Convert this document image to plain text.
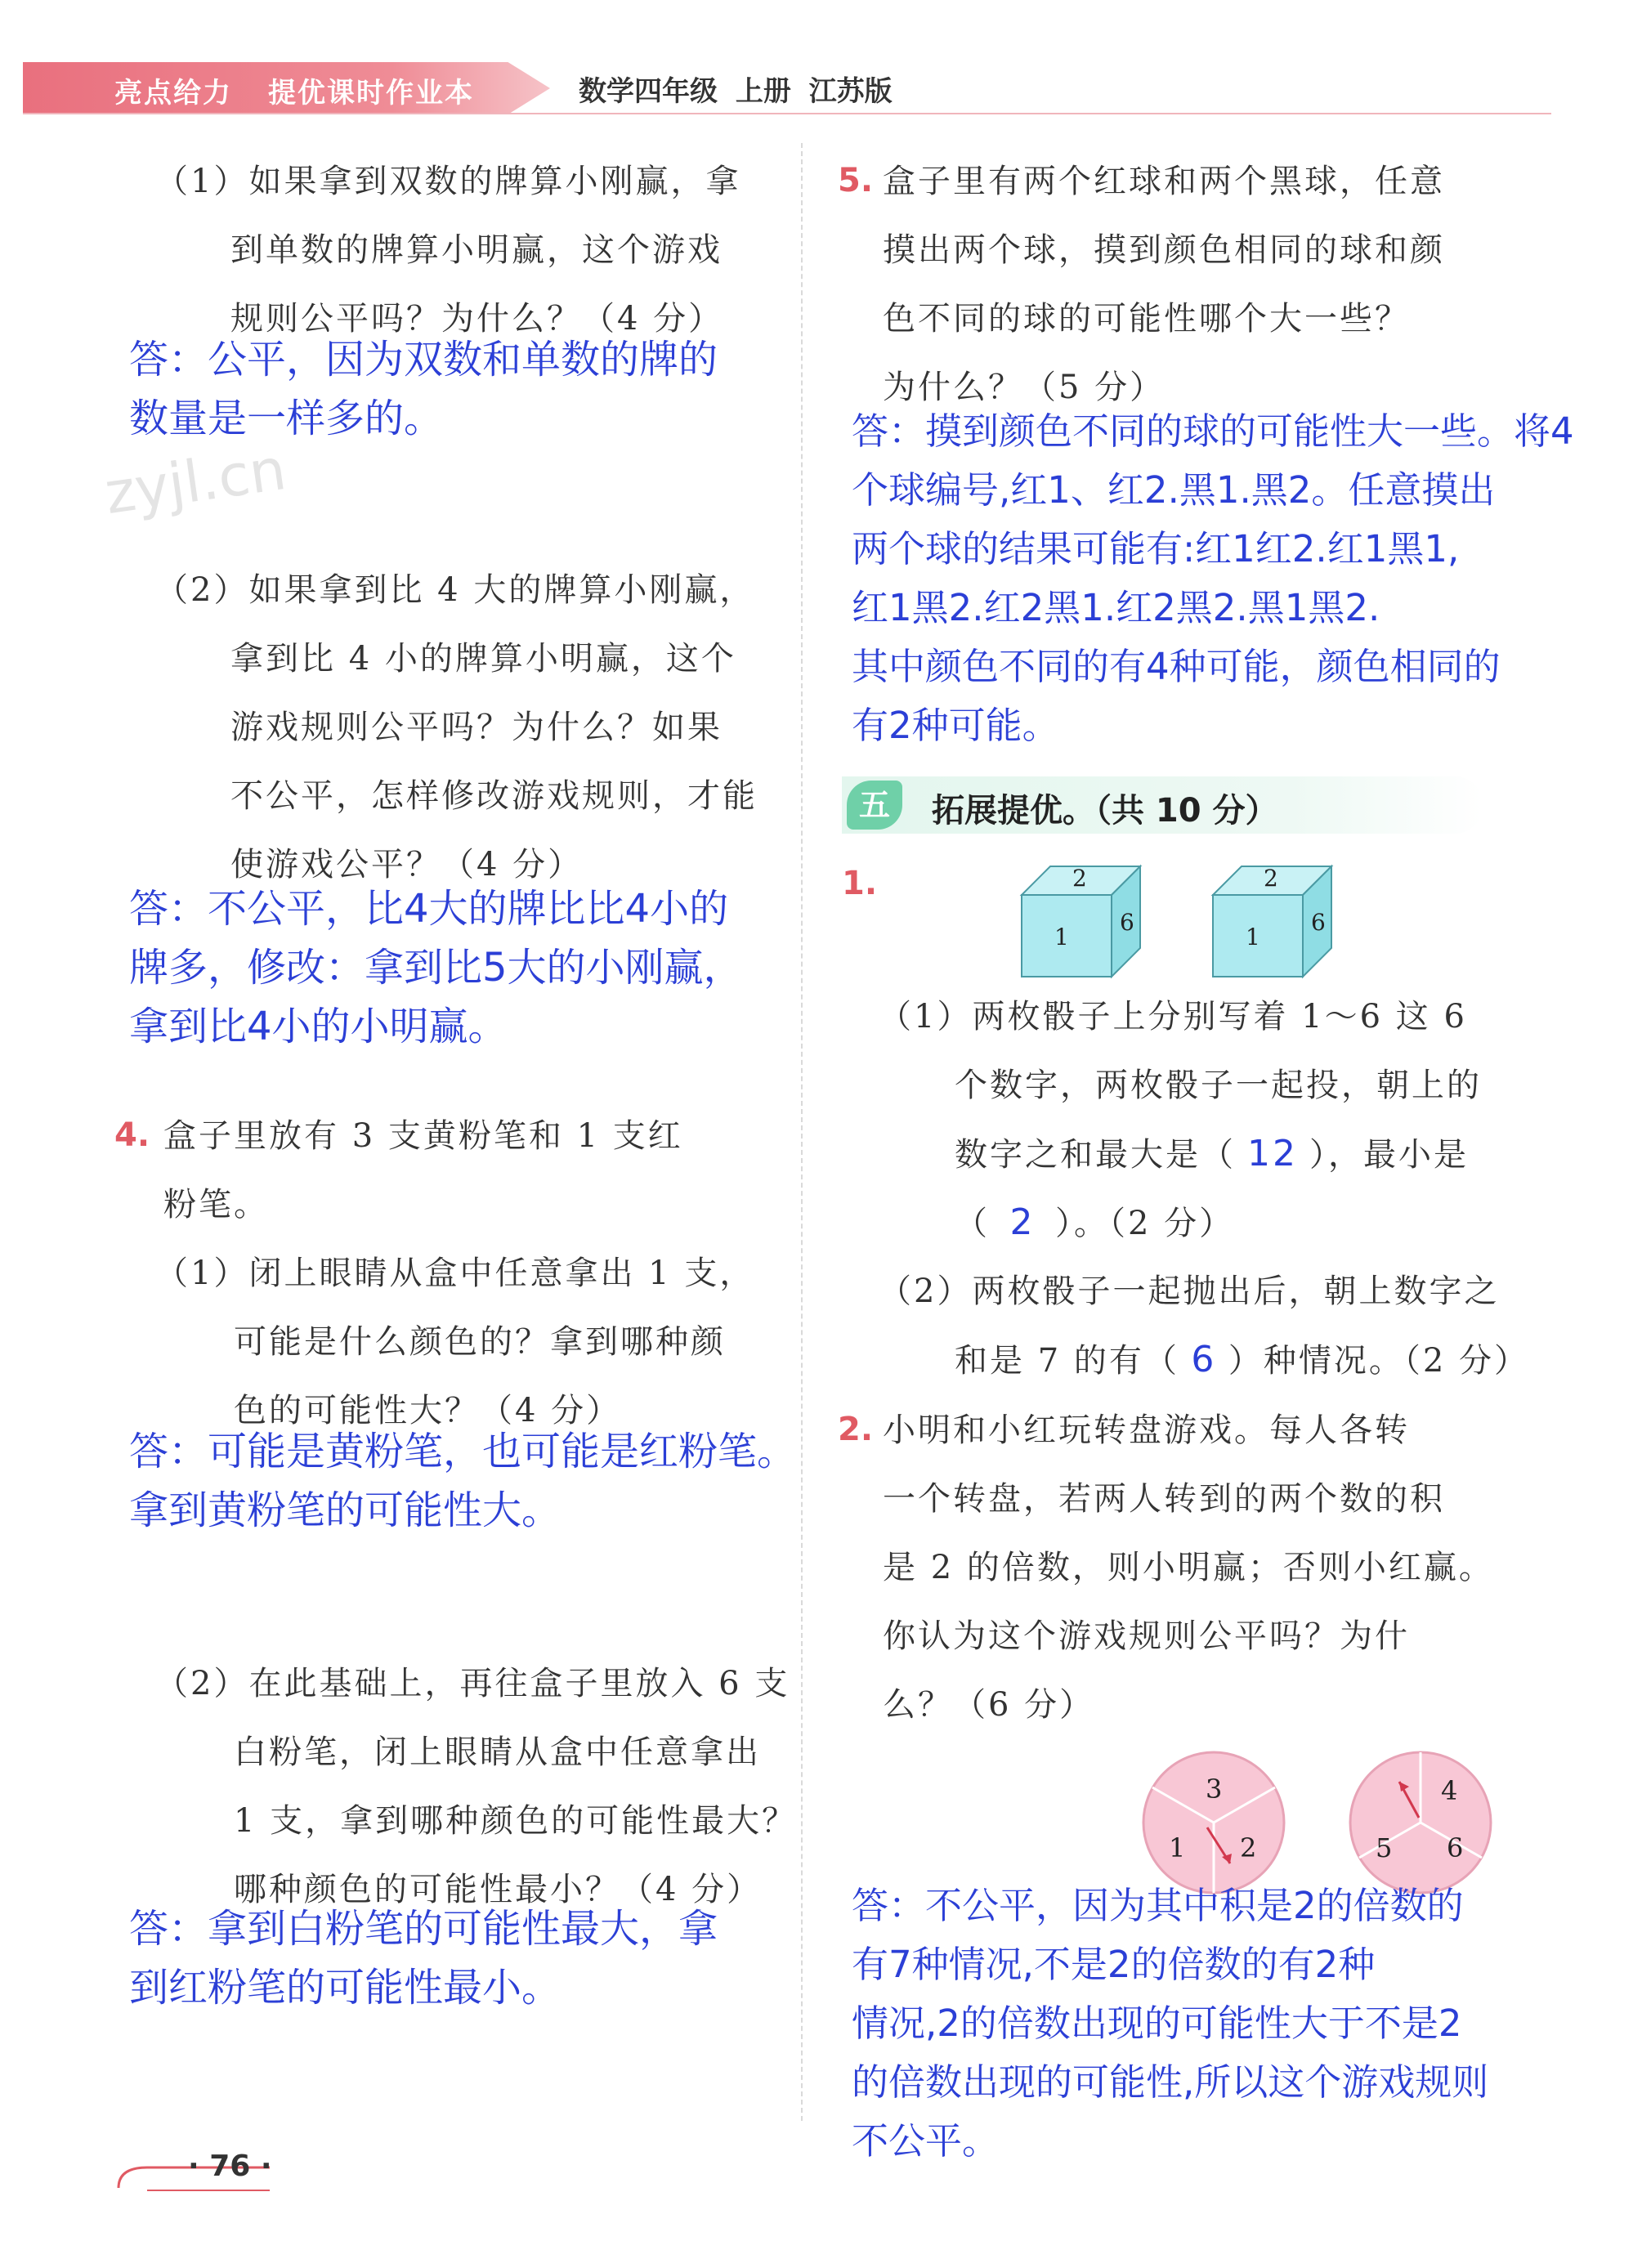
亮点给力 提优课时作业本	数学四年级 上册 江苏版
zyjl.cn
（1）如果拿到双数的牌算小刚赢，拿
到单数的牌算小明赢，这个游戏
规则公平吗？为什么？（4 分）
答：公平，因为双数和单数的牌的
数量是一样多的。
（2）如果拿到比 4 大的牌算小刚赢，
拿到比 4 小的牌算小明赢，这个
游戏规则公平吗？为什么？如果
不公平，怎样修改游戏规则，才能
使游戏公平？（4 分）
答：不公平，比4大的牌比比4小的
牌多，修改：拿到比5大的小刚赢，
拿到比4小的小明赢。
4. 盒子里放有 3 支黄粉笔和 1 支红
粉笔。
（1）闭上眼睛从盒中任意拿出 1 支，
可能是什么颜色的？拿到哪种颜
色的可能性大？（4 分）
答：可能是黄粉笔，也可能是红粉笔。
拿到黄粉笔的可能性大。
（2）在此基础上，再往盒子里放入 6 支
白粉笔，闭上眼睛从盒中任意拿出
1 支，拿到哪种颜色的可能性最大？
哪种颜色的可能性最小？（4 分）
答：拿到白粉笔的可能性最大，拿
到红粉笔的可能性最小。
5. 盒子里有两个红球和两个黑球，任意
摸出两个球，摸到颜色相同的球和颜
色不同的球的可能性哪个大一些？
为什么？（5 分）
答：摸到颜色不同的球的可能性大一些。将4
个球编号,红1、红2.黑1.黑2。任意摸出
两个球的结果可能有:红1红2.红1黑1,
红1黑2.红2黑1.红2黑2.黑1黑2.
其中颜色不同的有4种可能，颜色相同的
有2种可能。
五	拓展提优。（共 10 分）
1.	2
1
6
2
1
6
（1）两枚骰子上分别写着 1～6 这 6
个数字，两枚骰子一起投，朝上的
数字之和最大是（ 12 ），最小是
（ 2 ）。（2 分）
（2）两枚骰子一起抛出后，朝上数字之
和是 7 的有（ 6 ）种情况。（2 分）
2. 小明和小红玩转盘游戏。每人各转
一个转盘，若两人转到的两个数的积
是 2 的倍数，则小明赢；否则小红赢。
你认为这个游戏规则公平吗？为什
么？（6 分）
3
1 2
4
5 6
答：不公平，因为其中积是2的倍数的
有7种情况,不是2的倍数的有2种
情况,2的倍数出现的可能性大于不是2
的倍数出现的可能性,所以这个游戏规则
不公平。
· 76 ·
